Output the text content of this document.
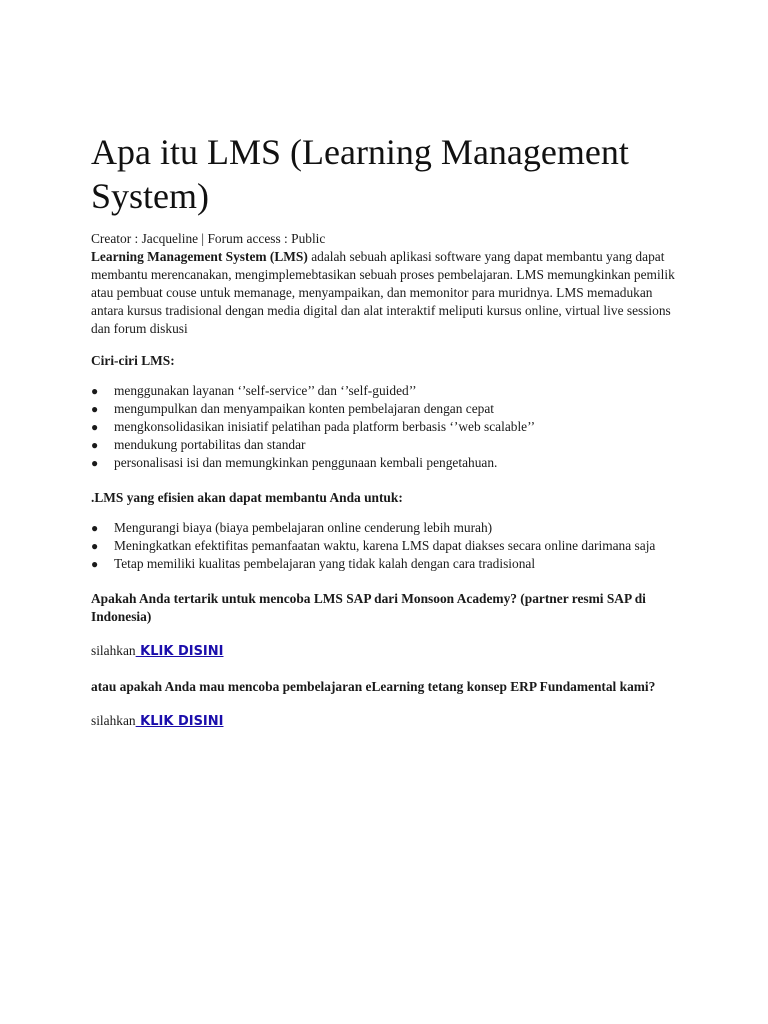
Apa itu LMS (Learning Management System)

Creator : Jacqueline | Forum access : Public

Learning Management System (LMS) adalah sebuah aplikasi software yang dapat membantu yang dapat membantu merencanakan, mengimplemebtasikan sebuah proses pembelajaran. LMS memungkinkan pemilik atau pembuat couse untuk memanage, menyampaikan, dan memonitor para muridnya. LMS memadukan antara kursus tradisional dengan media digital dan alat interaktif meliputi kursus online, virtual live sessions dan forum diskusi

Ciri-ciri LMS:

●	menggunakan layanan ‘’self-service’’ dan ‘’self-guided’’
●	mengumpulkan dan menyampaikan konten pembelajaran dengan cepat
●	mengkonsolidasikan inisiatif pelatihan pada platform berbasis ‘’web scalable’’
●	mendukung portabilitas dan standar
●	personalisasi isi dan memungkinkan penggunaan kembali pengetahuan.

.LMS yang efisien akan dapat membantu Anda untuk:

●	Mengurangi biaya (biaya pembelajaran online cenderung lebih murah)
●	Meningkatkan efektifitas pemanfaatan waktu, karena LMS dapat diakses secara online darimana saja
●	Tetap memiliki kualitas pembelajaran yang tidak kalah dengan cara tradisional

Apakah Anda tertarik untuk mencoba LMS SAP dari Monsoon Academy? (partner resmi SAP di Indonesia)

silahkan KLIK DISINI

atau apakah Anda mau mencoba pembelajaran eLearning tetang konsep ERP Fundamental kami?

silahkan KLIK DISINI
